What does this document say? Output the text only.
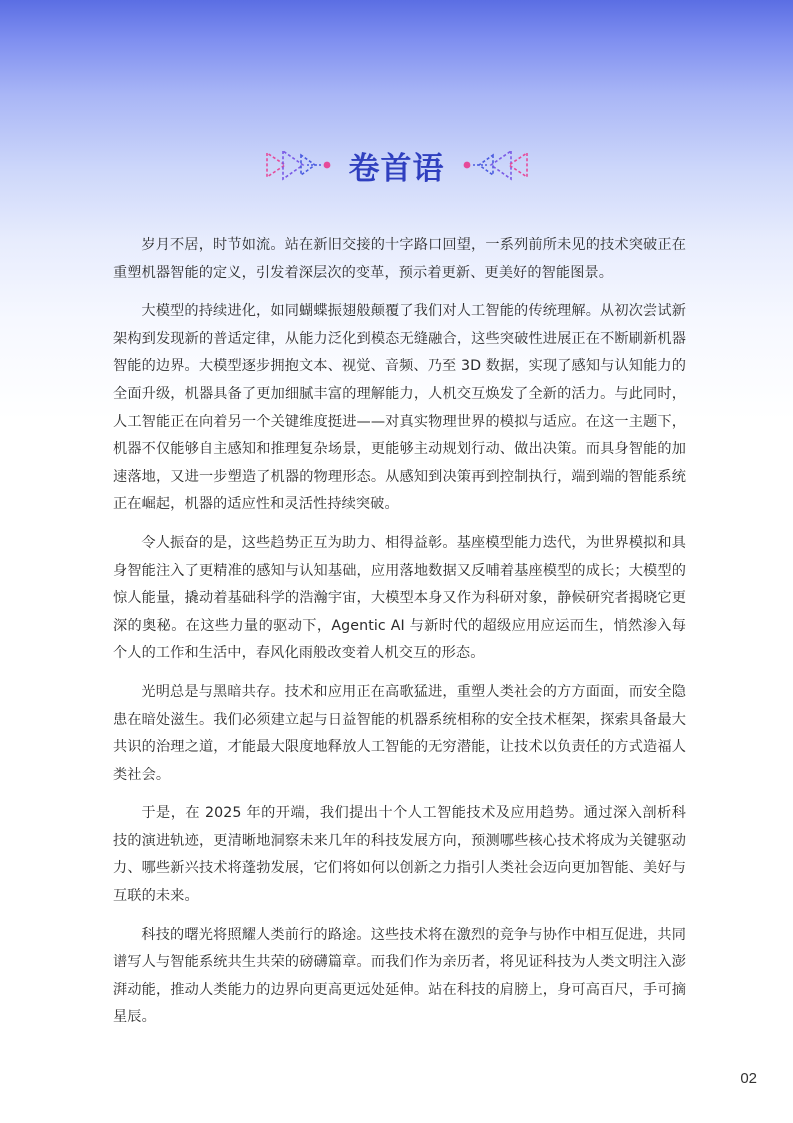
卷首语

岁月不居，时节如流。站在新旧交接的十字路口回望，一系列前所未见的技术突破正在重塑机器智能的定义，引发着深层次的变革，预示着更新、更美好的智能图景。

大模型的持续进化，如同蝴蝶振翅般颠覆了我们对人工智能的传统理解。从初次尝试新架构到发现新的普适定律，从能力泛化到模态无缝融合，这些突破性进展正在不断刷新机器智能的边界。大模型逐步拥抱文本、视觉、音频、乃至 3D 数据，实现了感知与认知能力的全面升级，机器具备了更加细腻丰富的理解能力，人机交互焕发了全新的活力。与此同时，人工智能正在向着另一个关键维度挺进——对真实物理世界的模拟与适应。在这一主题下，机器不仅能够自主感知和推理复杂场景，更能够主动规划行动、做出决策。而具身智能的加速落地，又进一步塑造了机器的物理形态。从感知到决策再到控制执行，端到端的智能系统正在崛起，机器的适应性和灵活性持续突破。

令人振奋的是，这些趋势正互为助力、相得益彰。基座模型能力迭代，为世界模拟和具身智能注入了更精准的感知与认知基础，应用落地数据又反哺着基座模型的成长；大模型的惊人能量，撬动着基础科学的浩瀚宇宙，大模型本身又作为科研对象，静候研究者揭晓它更深的奥秘。在这些力量的驱动下，Agentic AI 与新时代的超级应用应运而生，悄然渗入每个人的工作和生活中，春风化雨般改变着人机交互的形态。

光明总是与黑暗共存。技术和应用正在高歌猛进，重塑人类社会的方方面面，而安全隐患在暗处滋生。我们必须建立起与日益智能的机器系统相称的安全技术框架，探索具备最大共识的治理之道，才能最大限度地释放人工智能的无穷潜能，让技术以负责任的方式造福人类社会。

于是，在 2025 年的开端，我们提出十个人工智能技术及应用趋势。通过深入剖析科技的演进轨迹，更清晰地洞察未来几年的科技发展方向，预测哪些核心技术将成为关键驱动力、哪些新兴技术将蓬勃发展，它们将如何以创新之力指引人类社会迈向更加智能、美好与互联的未来。

科技的曙光将照耀人类前行的路途。这些技术将在激烈的竞争与协作中相互促进，共同谱写人与智能系统共生共荣的磅礴篇章。而我们作为亲历者，将见证科技为人类文明注入澎湃动能，推动人类能力的边界向更高更远处延伸。站在科技的肩膀上，身可高百尺，手可摘星辰。

02
